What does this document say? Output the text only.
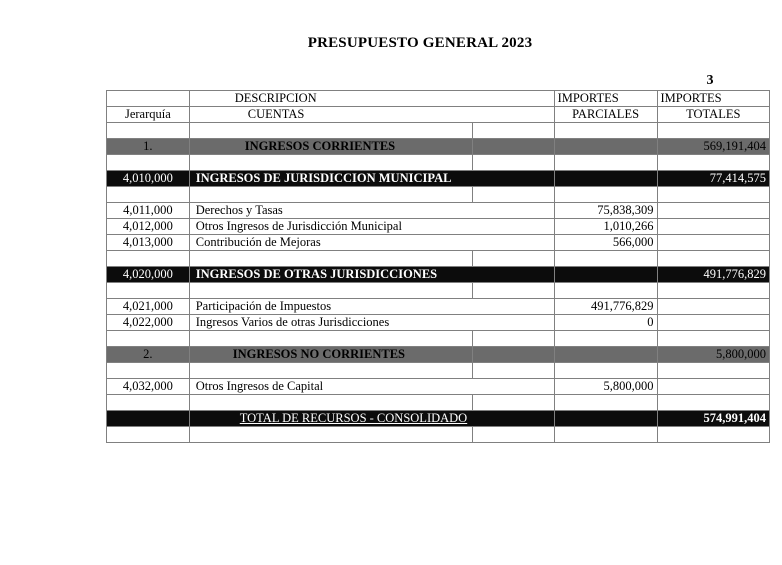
PRESUPUESTO GENERAL 2023
3
	DESCRIPCION		IMPORTES	IMPORTES
Jerarquía	CUENTAS		PARCIALES	TOTALES

1.	INGRESOS CORRIENTES			569,191,404

4,010,000	INGRESOS DE JURISDICCION MUNICIPAL			77,414,575

4,011,000	Derechos y Tasas		75,838,309	
4,012,000	Otros Ingresos de Jurisdicción Municipal		1,010,266	
4,013,000	Contribución de Mejoras		566,000	

4,020,000	INGRESOS DE OTRAS JURISDICCIONES			491,776,829

4,021,000	Participación de Impuestos		491,776,829	
4,022,000	Ingresos Varios de otras Jurisdicciones		0	

2.	INGRESOS NO CORRIENTES			5,800,000

4,032,000	Otros Ingresos de Capital		5,800,000	

	TOTAL DE RECURSOS - CONSOLIDADO			574,991,404
